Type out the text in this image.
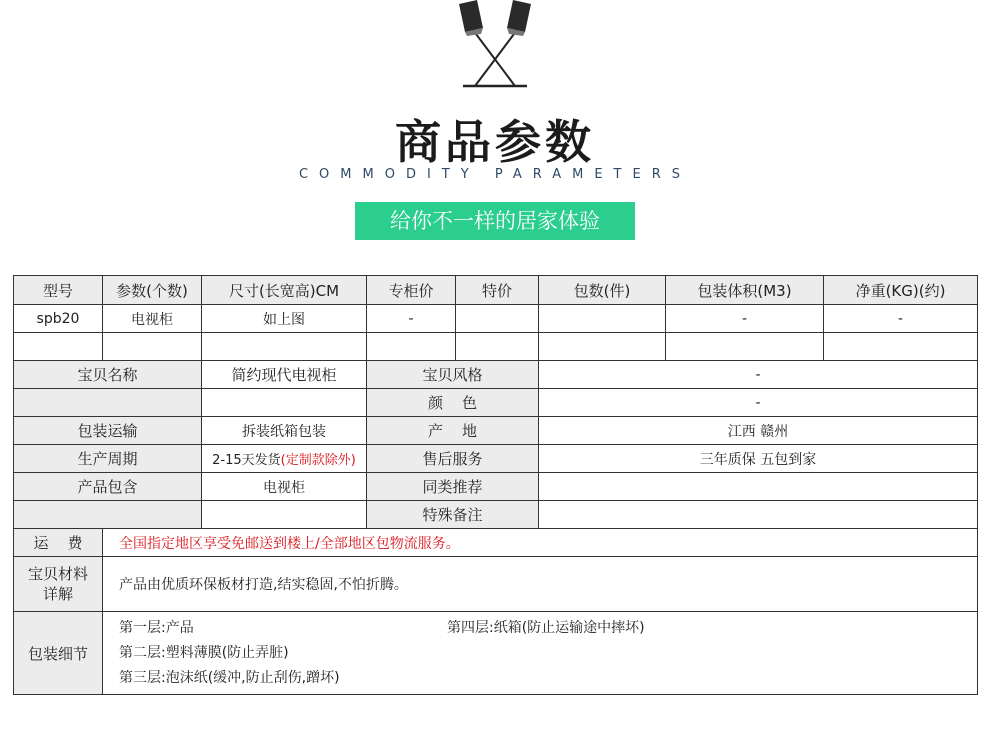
商品参数
COMMODITY PARAMETERS
给你不一样的居家体验
型号	参数(个数)	尺寸(长宽高)CM	专柜价	特价	包数(件)	包装体积(M3)	净重(KG)(约)
spb20	电视柜	如上图	-			-	-

宝贝名称		简约现代电视柜	宝贝风格		-		
			颜    色		-		
包装运输		拆装纸箱包装	产    地		江西 赣州		
生产周期		2-15天发货(定制款除外)	售后服务		三年质保 五包到家		
产品包含		电视柜	同类推荐				
			特殊备注				
运    费	全国指定地区享受免邮送到楼上/全部地区包物流服务。						

宝贝材料
详解	产品由优质环保板材打造,结实稳固,不怕折腾。						
包装细节	第一层:产品 第四层:纸箱(防止运输途中摔坏)
第二层:塑料薄膜(防止弄脏)
第三层:泡沫纸(缓冲,防止刮伤,蹭坏)						
